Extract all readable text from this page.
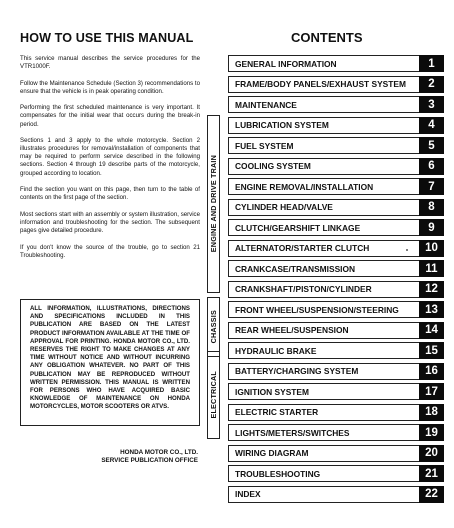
HOW TO USE THIS MANUAL

This service manual describes the service procedures for the VTR1000F.

Follow the Maintenance Schedule (Section 3) recommendations to ensure that the vehicle is in peak operating condition.

Performing the first scheduled maintenance is very important. It compensates for the initial wear that occurs during the break-in period.

Sections 1 and 3 apply to the whole motorcycle. Section 2 illustrates procedures for removal/installation of components that may be required to perform service described in the following sections. Section 4 through 19 describe parts of the motorcycle, grouped according to location.

Find the section you want on this page, then turn to the table of contents on the first page of the section.

Most sections start with an assembly or system illustration, service information and troubleshooting for the section. The subsequent pages give detailed procedure.

If you don't know the source of the trouble, go to section 21 Troubleshooting.

ALL INFORMATION, ILLUSTRATIONS, DIRECTIONS AND SPECIFICATIONS INCLUDED IN THIS PUBLICATION ARE BASED ON THE LATEST PRODUCT INFORMATION AVAILABLE AT THE TIME OF APPROVAL FOR PRINTING. HONDA MOTOR CO., LTD. RESERVES THE RIGHT TO MAKE CHANGES AT ANY TIME WITHOUT NOTICE AND WITHOUT INCURRING ANY OBLIGATION WHATEVER. NO PART OF THIS PUBLICATION MAY BE REPRODUCED WITHOUT WRITTEN PERMISSION. THIS MANUAL IS WRITTEN FOR PERSONS WHO HAVE ACQUIRED BASIC KNOWLEDGE OF MAINTENANCE ON HONDA MOTORCYCLES, MOTOR SCOOTERS OR ATVS.
HONDA MOTOR CO., LTD.
SERVICE PUBLICATION OFFICE
CONTENTS
GENERAL INFORMATION	1
FRAME/BODY PANELS/EXHAUST SYSTEM	2
MAINTENANCE	3
LUBRICATION SYSTEM	4
FUEL SYSTEM	5
COOLING SYSTEM	6
ENGINE REMOVAL/INSTALLATION	7
CYLINDER HEAD/VALVE	8
CLUTCH/GEARSHIFT LINKAGE	9
ALTERNATOR/STARTER CLUTCH	10
CRANKCASE/TRANSMISSION	11
CRANKSHAFT/PISTON/CYLINDER	12
FRONT WHEEL/SUSPENSION/STEERING	13
REAR WHEEL/SUSPENSION	14
HYDRAULIC BRAKE	15
BATTERY/CHARGING SYSTEM	16
IGNITION SYSTEM	17
ELECTRIC STARTER	18
LIGHTS/METERS/SWITCHES	19
WIRING DIAGRAM	20
TROUBLESHOOTING	21
INDEX	22
ENGINE AND DRIVE TRAIN
CHASSIS
ELECTRICAL
